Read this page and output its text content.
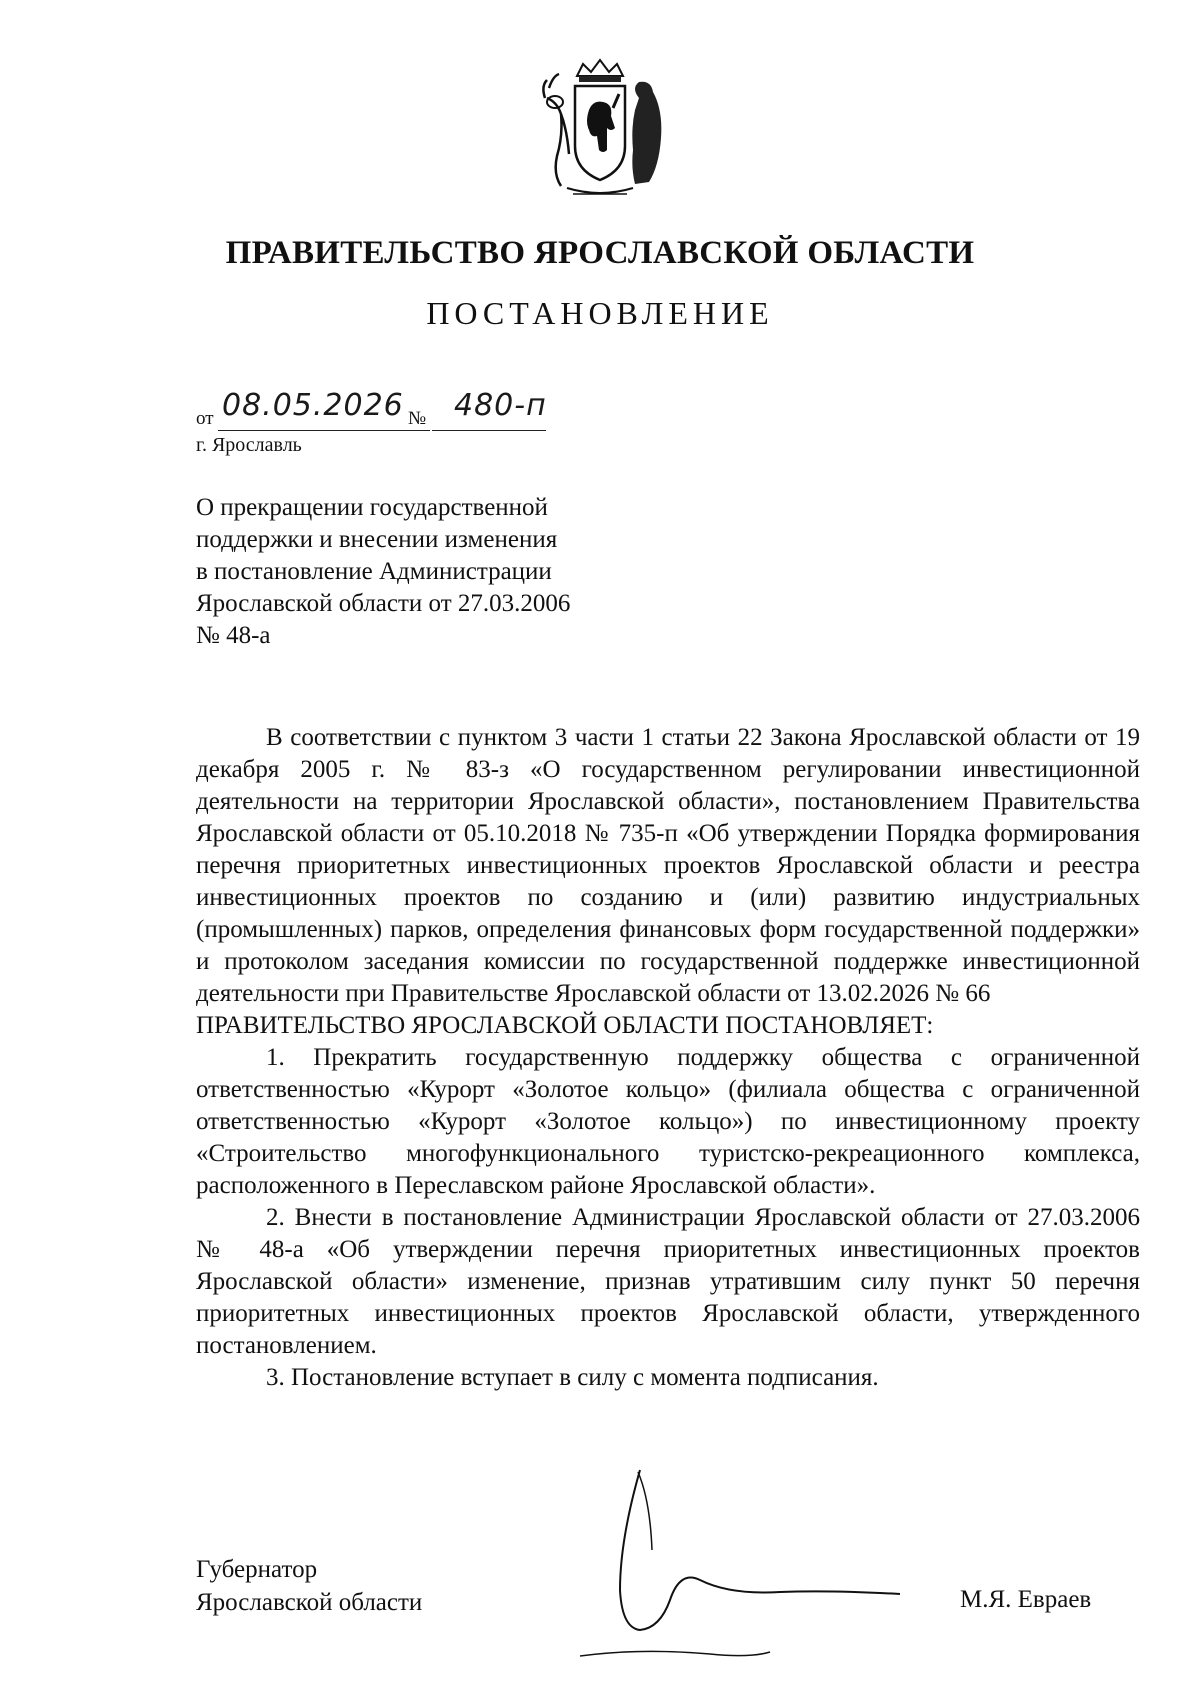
ПРАВИТЕЛЬСТВО ЯРОСЛАВСКОЙ ОБЛАСТИ
ПОСТАНОВЛЕНИЕ
от 08.05.2026 № 480-п
г. Ярославль
О прекращении государственной
поддержки и внесении изменения
в постановление Администрации
Ярославской области от 27.03.2006
№ 48-а

В соответствии с пунктом 3 части 1 статьи 22 Закона Ярославской области от 19 декабря 2005 г. № 83-з «О государственном регулировании инвестиционной деятельности на территории Ярославской области», постановлением Правительства Ярославской области от 05.10.2018 № 735-п «Об утверждении Порядка формирования перечня приоритетных инвестиционных проектов Ярославской области и реестра инвестиционных проектов по созданию и (или) развитию индустриальных (промышленных) парков, определения финансовых форм государственной поддержки» и протоколом заседания комиссии по государственной поддержке инвестиционной деятельности при Правительстве Ярославской области от 13.02.2026 № 66

ПРАВИТЕЛЬСТВО ЯРОСЛАВСКОЙ ОБЛАСТИ ПОСТАНОВЛЯЕТ:

1. Прекратить государственную поддержку общества с ограниченной ответственностью «Курорт «Золотое кольцо» (филиала общества с ограниченной ответственностью «Курорт «Золотое кольцо») по инвестиционному проекту «Строительство многофункционального туристско-рекреационного комплекса, расположенного в Переславском районе Ярославской области».

2. Внести в постановление Администрации Ярославской области от 27.03.2006 № 48-а «Об утверждении перечня приоритетных инвестиционных проектов Ярославской области» изменение, признав утратившим силу пункт 50 перечня приоритетных инвестиционных проектов Ярославской области, утвержденного постановлением.

3. Постановление вступает в силу с момента подписания.

Губернатор
Ярославской области	М.Я. Евраев
